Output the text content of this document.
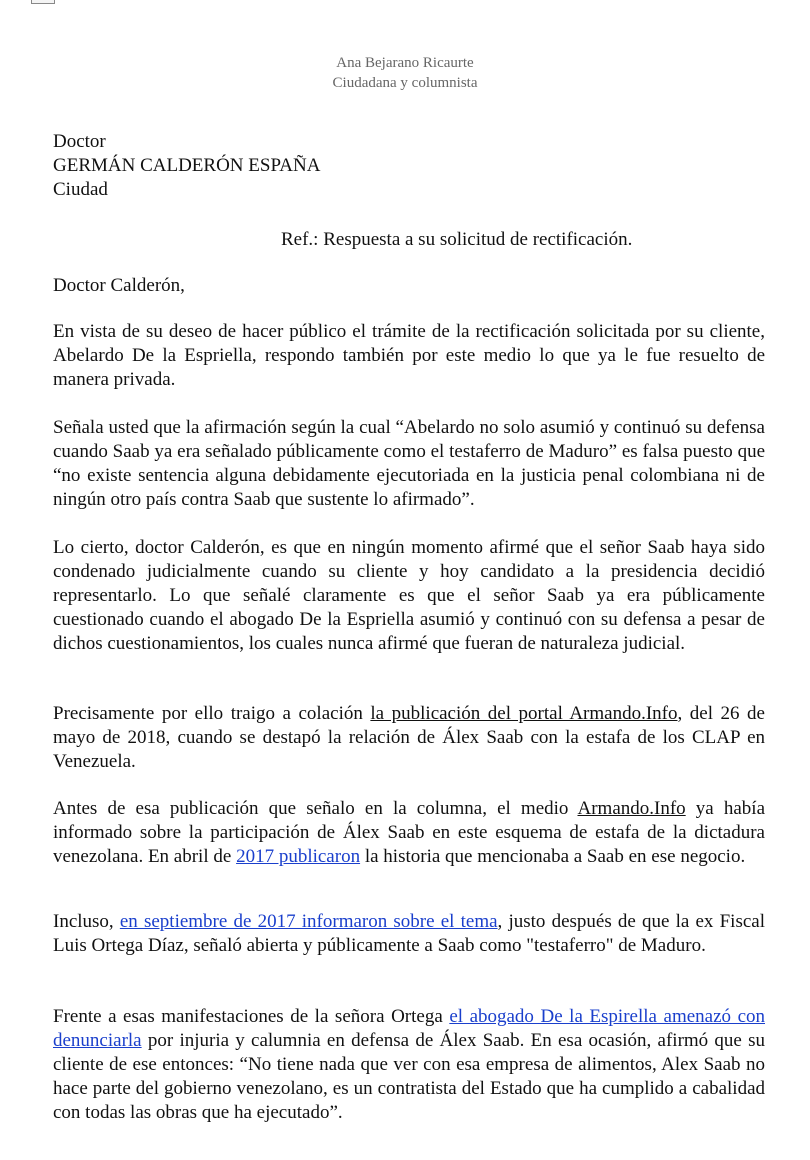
Ana Bejarano Ricaurte
Ciudadana y columnista
Doctor
GERMÁN CALDERÓN ESPAÑA
Ciudad
Ref.: Respuesta a su solicitud de rectificación.
Doctor Calderón,

En vista de su deseo de hacer público el trámite de la rectificación solicitada por su cliente, Abelardo De la Espriella, respondo también por este medio lo que ya le fue resuelto de manera privada.

Señala usted que la afirmación según la cual “Abelardo no solo asumió y continuó su defensa cuando Saab ya era señalado públicamente como el testaferro de Maduro” es falsa puesto que “no existe sentencia alguna debidamente ejecutoriada en la justicia penal colombiana ni de ningún otro país contra Saab que sustente lo afirmado”.

Lo cierto, doctor Calderón, es que en ningún momento afirmé que el señor Saab haya sido condenado judicialmente cuando su cliente y hoy candidato a la presidencia decidió representarlo. Lo que señalé claramente es que el señor Saab ya era públicamente cuestionado cuando el abogado De la Espriella asumió y continuó con su defensa a pesar de dichos cuestionamientos, los cuales nunca afirmé que fueran de naturaleza judicial.

Precisamente por ello traigo a colación la publicación del portal Armando.Info, del 26 de mayo de 2018, cuando se destapó la relación de Álex Saab con la estafa de los CLAP en Venezuela.

Antes de esa publicación que señalo en la columna, el medio Armando.Info ya había informado sobre la participación de Álex Saab en este esquema de estafa de la dictadura venezolana. En abril de 2017 publicaron la historia que mencionaba a Saab en ese negocio.

Incluso, en septiembre de 2017 informaron sobre el tema, justo después de que la ex Fiscal Luis Ortega Díaz, señaló abierta y públicamente a Saab como "testaferro" de Maduro.

Frente a esas manifestaciones de la señora Ortega el abogado De la Espirella amenazó con denunciarla por injuria y calumnia en defensa de Álex Saab. En esa ocasión, afirmó que su cliente de ese entonces: “No tiene nada que ver con esa empresa de alimentos, Alex Saab no hace parte del gobierno venezolano, es un contratista del Estado que ha cumplido a cabalidad con todas las obras que ha ejecutado”.
